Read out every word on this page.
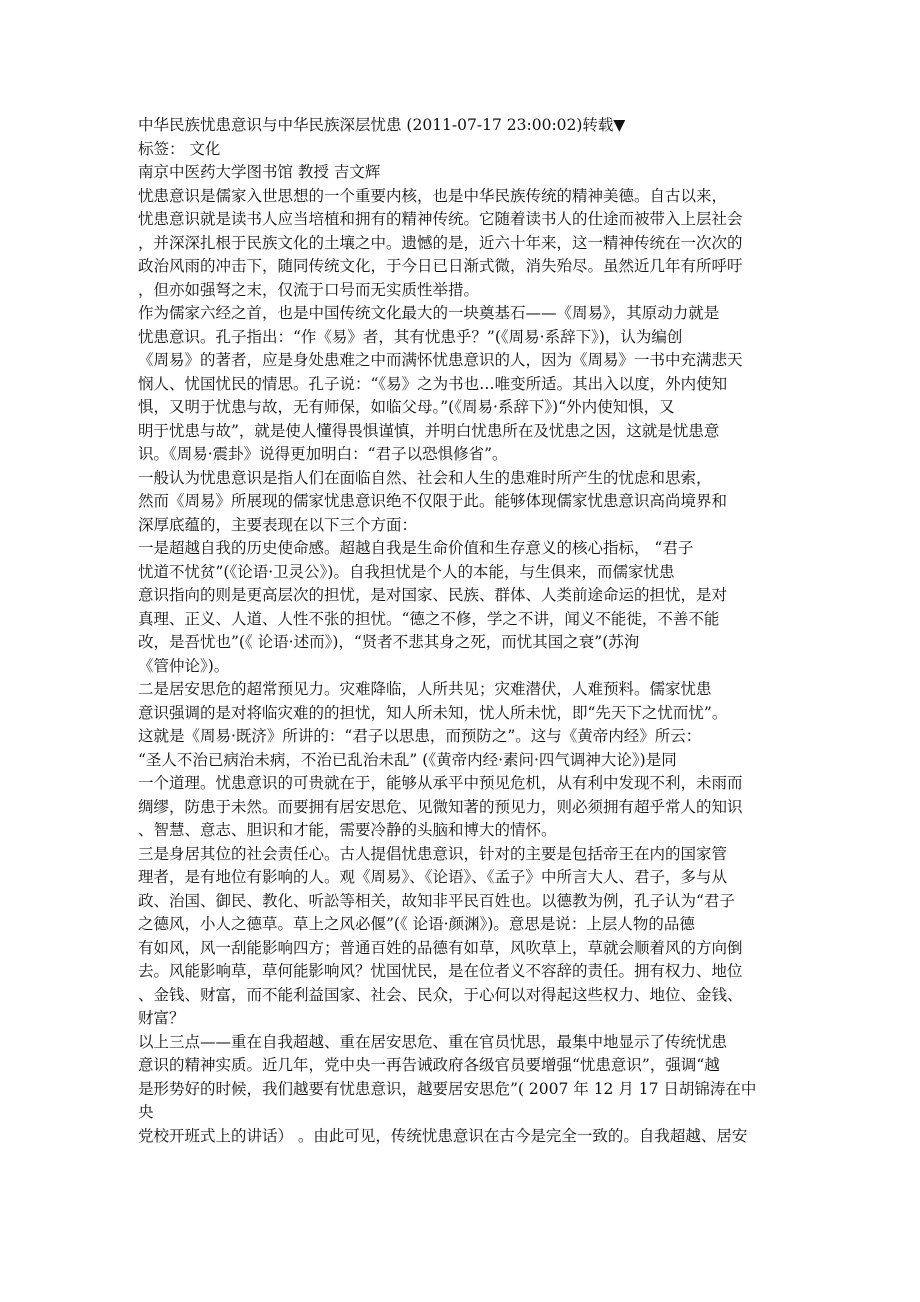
中华民族忧患意识与中华民族深层忧患 (2011-07-17 23:00:02)转载▼
标签： 文化
南京中医药大学图书馆 教授 吉文辉
忧患意识是儒家入世思想的一个重要内核，也是中华民族传统的精神美德。自古以来，
忧患意识就是读书人应当培植和拥有的精神传统。它随着读书人的仕途而被带入上层社会
，并深深扎根于民族文化的土壤之中。遗憾的是，近六十年来，这一精神传统在一次次的
政治风雨的冲击下，随同传统文化，于今日已日渐式微，消失殆尽。虽然近几年有所呼吁
，但亦如强弩之末，仅流于口号而无实质性举措。
作为儒家六经之首，也是中国传统文化最大的一块奠基石——《周易》，其原动力就是
忧患意识。孔子指出：“作《易》者，其有忧患乎？”(《周易·系辞下》)，认为编创
《周易》的著者，应是身处患难之中而满怀忧患意识的人，因为《周易》一书中充满悲天
悯人、忧国忧民的情思。孔子说：“《易》之为书也…唯变所适。其出入以度，外内使知
惧，又明于忧患与故，无有师保，如临父母。”(《周易·系辞下》)“外内使知惧，又
明于忧患与故”，就是使人懂得畏惧谨慎，并明白忧患所在及忧患之因，这就是忧患意
识。《周易·震卦》说得更加明白：“君子以恐惧修省”。
一般认为忧患意识是指人们在面临自然、社会和人生的患难时所产生的忧虑和思索，
然而《周易》所展现的儒家忧患意识绝不仅限于此。能够体现儒家忧患意识高尚境界和
深厚底蕴的，主要表现在以下三个方面：
一是超越自我的历史使命感。超越自我是生命价值和生存意义的核心指标， “君子
忧道不忧贫”(《论语·卫灵公》)。自我担忧是个人的本能，与生俱来，而儒家忧患
意识指向的则是更高层次的担忧，是对国家、民族、群体、人类前途命运的担忧，是对
真理、正义、人道、人性不张的担忧。“德之不修，学之不讲，闻义不能徙，不善不能
改，是吾忧也”(《 论语·述而》)，“贤者不悲其身之死，而忧其国之衰”(苏洵
《管仲论》)。
二是居安思危的超常预见力。灾难降临，人所共见；灾难潜伏，人难预料。儒家忧患
意识强调的是对将临灾难的的担忧，知人所未知，忧人所未忧，即“先天下之忧而忧”。
这就是《周易·既济》所讲的：“君子以思患，而预防之”。这与《黄帝内经》所云：
“圣人不治已病治未病，不治已乱治未乱” (《黄帝内经·素问·四气调神大论》)是同
一个道理。忧患意识的可贵就在于，能够从承平中预见危机，从有利中发现不利，未雨而
绸缪，防患于未然。而要拥有居安思危、见微知著的预见力，则必须拥有超乎常人的知识
、智慧、意志、胆识和才能，需要冷静的头脑和博大的情怀。
三是身居其位的社会责任心。古人提倡忧患意识，针对的主要是包括帝王在内的国家管
理者，是有地位有影响的人。观《周易》、《论语》、《孟子》中所言大人、君子，多与从
政、治国、御民、教化、听訟等相关，故知非平民百姓也。以德教为例，孔子认为“君子
之德风，小人之德草。草上之风必偃”(《 论语·颜渊》)。意思是说：上层人物的品德
有如风，风一刮能影响四方；普通百姓的品德有如草，风吹草上，草就会顺着风的方向倒
去。风能影响草，草何能影响风？忧国忧民，是在位者义不容辞的责任。拥有权力、地位
、金钱、财富，而不能利益国家、社会、民众，于心何以对得起这些权力、地位、金钱、
财富？
以上三点——重在自我超越、重在居安思危、重在官员忧思，最集中地显示了传统忧患
意识的精神实质。近几年，党中央一再告诫政府各级官员要增强“忧患意识”，强调“越
是形势好的时候，我们越要有忧患意识，越要居安思危”( 2007 年 12 月 17 日胡锦涛在中
央
党校开班式上的讲话） 。由此可见，传统忧患意识在古今是完全一致的。自我超越、居安
